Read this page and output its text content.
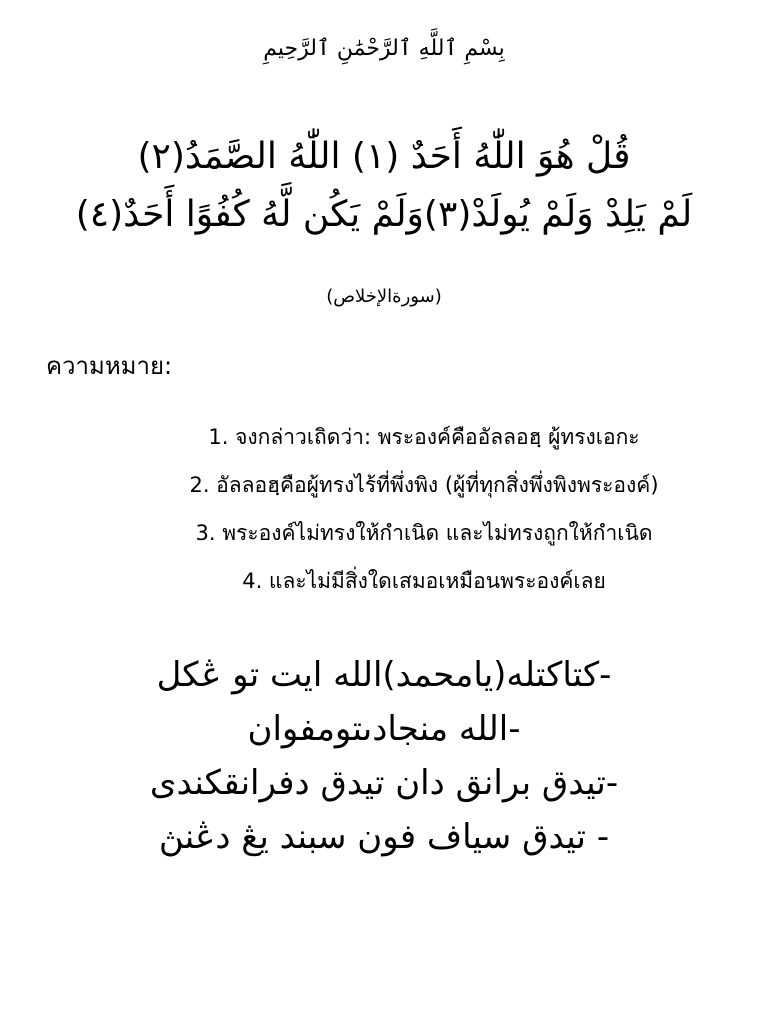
بِسْمِ ٱللَّهِ ٱلرَّحْمَٰنِ ٱلرَّحِيمِ
قُلْ هُوَ اللّٰهُ أَحَدٌ (١) اللّٰهُ الصَّمَدُ(٢)
لَمْ يَلِدْ وَلَمْ يُولَدْ(٣)وَلَمْ يَكُن لَّهُ كُفُوًا أَحَدٌ(٤)
(سورةالإخلاص)
ความหมาย:
1. จงกล่าวเถิดว่า: พระองค์คืออัลลอฮฺ ผู้ทรงเอกะ
2. อัลลอฮฺคือผู้ทรงไร้ที่พึ่งพิง (ผู้ที่ทุกสิ่งพึ่งพิงพระองค์)
3. พระองค์ไม่ทรงให้กำเนิด และไม่ทรงถูกให้กำเนิด
4. และไม่มีสิ่งใดเสมอเหมือนพระองค์เลย
-كتاكتله(يامحمد)الله ايت تو ڠكل
-الله منجادىتومفوان
-تيدق برانق دان تيدق دفرانقكندى
- تيدق سياف فون سبند يڠ دڠنڽ
